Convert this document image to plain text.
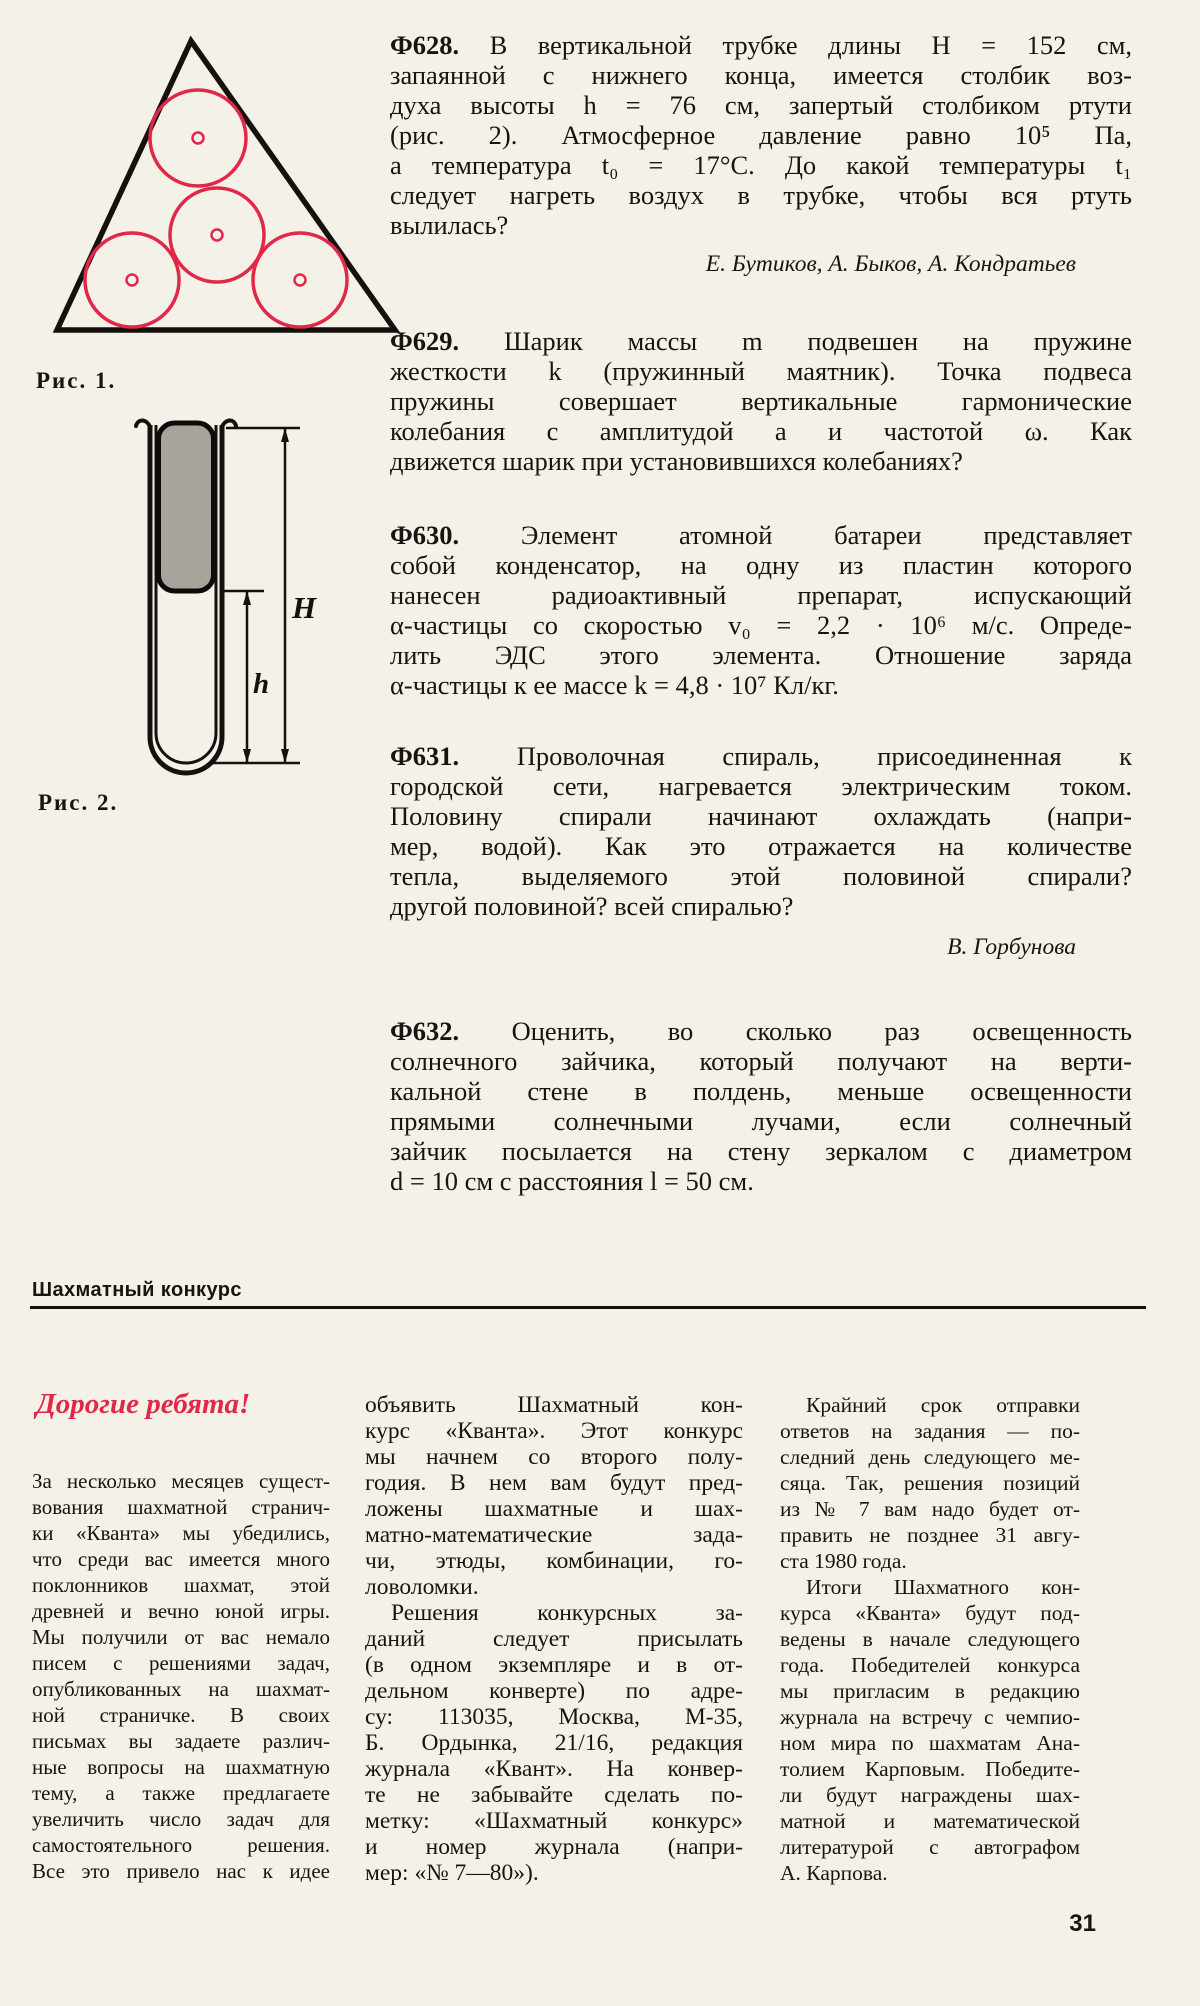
Рис. 1.
H
h
Рис. 2.
Ф628. В вертикальной трубке длины H = 152 см,
запаянной с нижнего конца, имеется столбик воз-
духа высоты h = 76 см, запертый столбиком ртути
(рис. 2). Атмосферное давление равно 10⁵ Па,
а температура t₀ = 17°C. До какой температуры t₁
следует нагреть воздух в трубке, чтобы вся ртуть
вылилась?
Е. Бутиков, А. Быков, А. Кондратьев
Ф629. Шарик массы m подвешен на пружине
жесткости k (пружинный маятник). Точка подвеса
пружины совершает вертикальные гармонические
колебания с амплитудой a и частотой ω. Как
движется шарик при установившихся колебаниях?
Ф630. Элемент атомной батареи представляет
собой конденсатор, на одну из пластин которого
нанесен радиоактивный препарат, испускающий
α-частицы со скоростью v₀ = 2,2 · 10⁶ м/с. Опреде-
лить ЭДС этого элемента. Отношение заряда
α-частицы к ее массе k = 4,8 · 10⁷ Кл/кг.
Ф631. Проволочная спираль, присоединенная к
городской сети, нагревается электрическим током.
Половину спирали начинают охлаждать (напри-
мер, водой). Как это отражается на количестве
тепла, выделяемого этой половиной спирали?
другой половиной? всей спиралью?
В. Горбунова
Ф632. Оценить, во сколько раз освещенность
солнечного зайчика, который получают на верти-
кальной стене в полдень, меньше освещенности
прямыми солнечными лучами, если солнечный
зайчик посылается на стену зеркалом с диаметром
d = 10 см с расстояния l = 50 см.
Шахматный конкурс
Дорогие ребята!
За несколько месяцев сущест-
вования шахматной странич-
ки «Кванта» мы убедились,
что среди вас имеется много
поклонников шахмат, этой
древней и вечно юной игры.
Мы получили от вас немало
писем с решениями задач,
опубликованных на шахмат-
ной страничке. В своих
письмах вы задаете различ-
ные вопросы на шахматную
тему, а также предлагаете
увеличить число задач для
самостоятельного решения.
Все это привело нас к идее
объявить Шахматный кон-
курс «Кванта». Этот конкурс
мы начнем со второго полу-
годия. В нем вам будут пред-
ложены шахматные и шах-
матно-математические зада-
чи, этюды, комбинации, го-
ловоломки.
Решения конкурсных за-
даний следует присылать
(в одном экземпляре и в от-
дельном конверте) по адре-
су: 113035, Москва, М-35,
Б. Ордынка, 21/16, редакция
журнала «Квант». На конвер-
те не забывайте сделать по-
метку: «Шахматный конкурс»
и номер журнала (напри-
мер: «№ 7—80»).
Крайний срок отправки
ответов на задания — по-
следний день следующего ме-
сяца. Так, решения позиций
из № 7 вам надо будет от-
править не позднее 31 авгу-
ста 1980 года.
Итоги Шахматного кон-
курса «Кванта» будут под-
ведены в начале следующего
года. Победителей конкурса
мы пригласим в редакцию
журнала на встречу с чемпио-
ном мира по шахматам Ана-
толием Карповым. Победите-
ли будут награждены шах-
матной и математической
литературой с автографом
А. Карпова.
31
